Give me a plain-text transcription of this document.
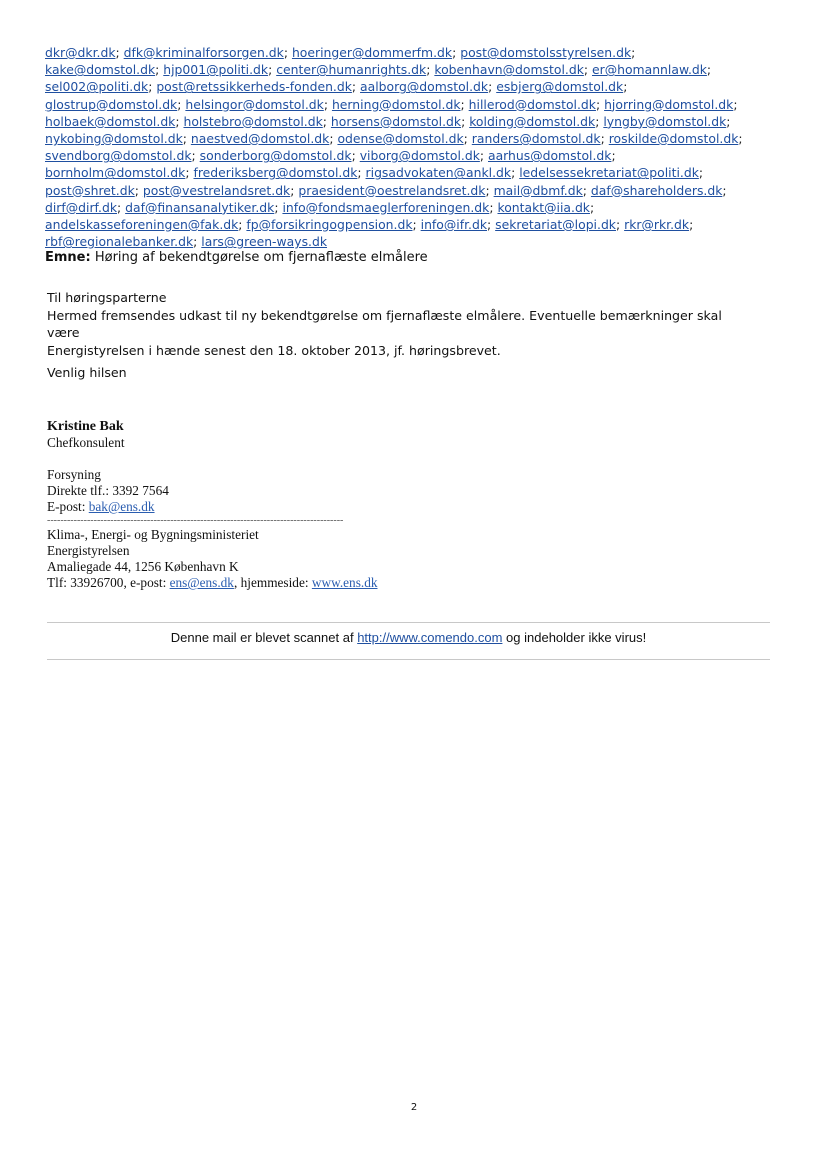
dkr@dkr.dk; dfk@kriminalforsorgen.dk; hoeringer@dommerfm.dk; post@domstolsstyrelsen.dk; kake@domstol.dk; hjp001@politi.dk; center@humanrights.dk; kobenhavn@domstol.dk; er@homannlaw.dk; sel002@politi.dk; post@retssikkerheds-fonden.dk; aalborg@domstol.dk; esbjerg@domstol.dk; glostrup@domstol.dk; helsingor@domstol.dk; herning@domstol.dk; hillerod@domstol.dk; hjorring@domstol.dk; holbaek@domstol.dk; holstebro@domstol.dk; horsens@domstol.dk; kolding@domstol.dk; lyngby@domstol.dk; nykobing@domstol.dk; naestved@domstol.dk; odense@domstol.dk; randers@domstol.dk; roskilde@domstol.dk; svendborg@domstol.dk; sonderborg@domstol.dk; viborg@domstol.dk; aarhus@domstol.dk; bornholm@domstol.dk; frederiksberg@domstol.dk; rigsadvokaten@ankl.dk; ledelsessekretariat@politi.dk; post@shret.dk; post@vestrelandsret.dk; praesident@oestrelandsret.dk; mail@dbmf.dk; daf@shareholders.dk; dirf@dirf.dk; daf@finansanalytiker.dk; info@fondsmaeglerforeningen.dk; kontakt@iia.dk; andelskasseforeningen@fak.dk; fp@forsikringogpension.dk; info@ifr.dk; sekretariat@lopi.dk; rkr@rkr.dk; rbf@regionalebanker.dk; lars@green-ways.dk
Emne: Høring af bekendtgørelse om fjernaflæste elmålere

Til høringsparterne

Hermed fremsendes udkast til ny bekendtgørelse om fjernaflæste elmålere. Eventuelle bemærkninger skal være

Energistyrelsen i hænde senest den 18. oktober 2013, jf. høringsbrevet.

Venlig hilsen
Kristine Bak
Chefkonsulent
Forsyning
Direkte tlf.: 3392 7564
E-post: bak@ens.dk
-----------------------------------------------------------------------------------------
Klima-, Energi- og Bygningsministeriet
Energistyrelsen
Amaliegade 44, 1256 København K
Tlf: 33926700, e-post: ens@ens.dk, hjemmeside: www.ens.dk
Denne mail er blevet scannet af http://www.comendo.com og indeholder ikke virus!
2
